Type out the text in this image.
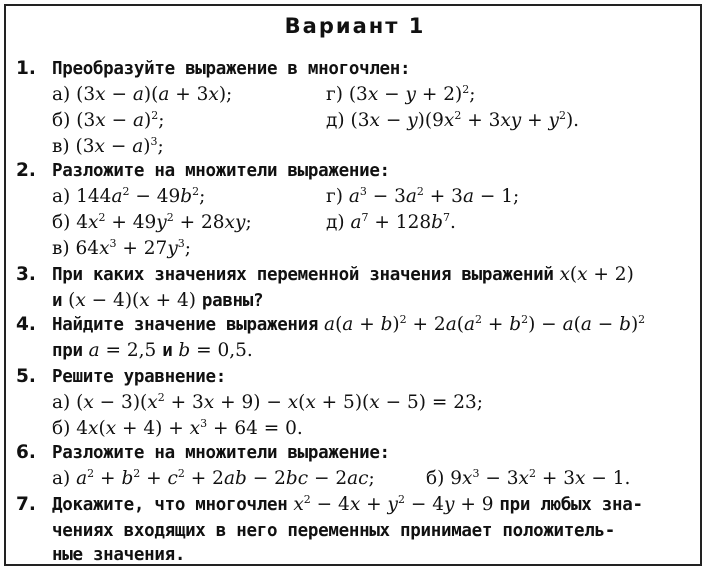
Вариант 1
1. Преобразуйте выражение в многочлен:
а) (3x − a)(a + 3x);	г) $(3x - y + 2)^2$;
б) $(3x - a)^2$;	д) $(3x - y)(9x^2 + 3xy + y^2)$.
в) $(3x - a)^3$;
2. Разложите на множители выражение:
а) $144a^2 - 49b^2$;	г) $a^3 - 3a^2 + 3a - 1$;
б) $4x^2 + 49y^2 + 28xy$;	д) $a^7 + 128b^7$.
в) $64x^3 + 27y^3$;
3. При каких значениях переменной значения выражений x(x + 2)
и (x − 4)(x + 4) равны?
4. Найдите значение выражения $a(a + b)^2 + 2a(a^2 + b^2) - a(a - b)^2$
при a = 2,5 и b = 0,5.
5. Решите уравнение:
а) $(x - 3)(x^2 + 3x + 9) - x(x + 5)(x - 5) = 23$;
б) $4x(x + 4) + x^3 + 64 = 0$.
6. Разложите на множители выражение:
а) $a^2 + b^2 + c^2 + 2ab - 2bc - 2ac$;	б) $9x^3 - 3x^2 + 3x - 1$.
7. Докажите, что многочлен $x^2 - 4x + y^2 - 4y + 9$ при любых зна-
чениях входящих в него переменных принимает положитель-
ные значения.
